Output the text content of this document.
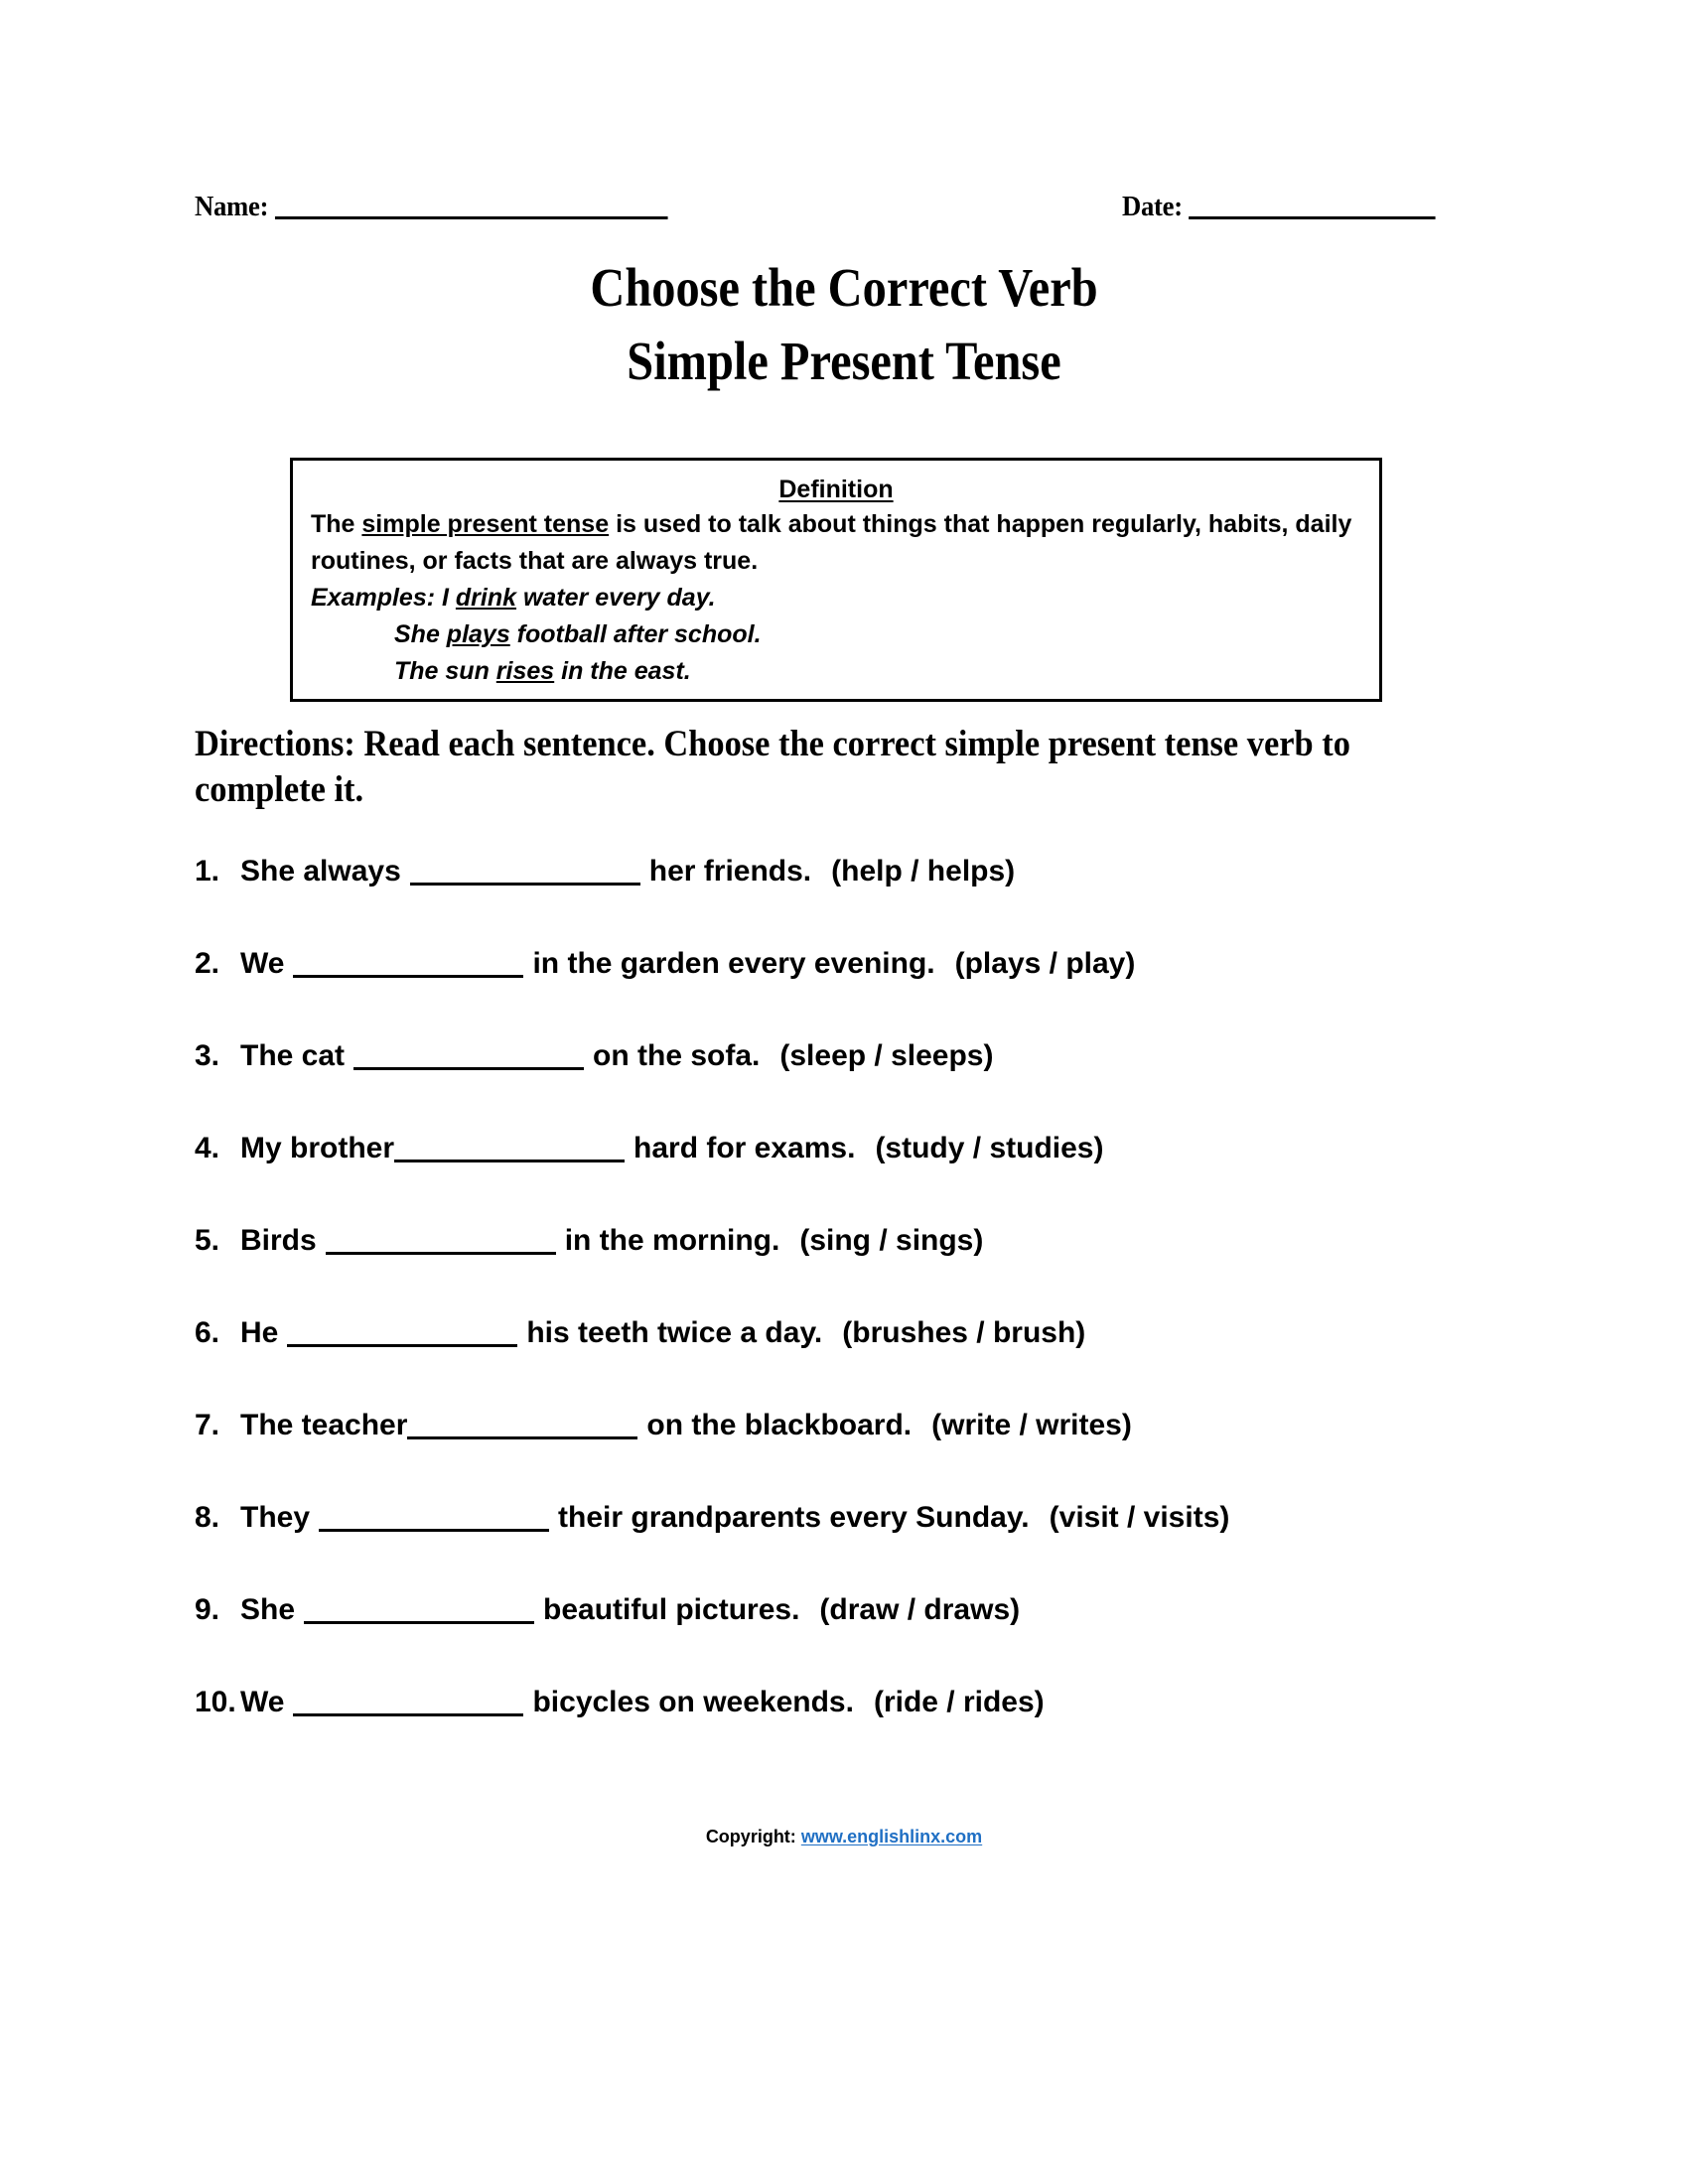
Name:	Date:
Choose the Correct Verb
Simple Present Tense
Definition
The simple present tense is used to talk about things that happen regularly, habits, daily routines, or facts that are always true.
Examples: I drink water every day.
She plays football after school.
The sun rises in the east.
Directions: Read each sentence. Choose the correct simple present tense verb to complete it.
1. She always	her friends. (help / helps)
2. We	in the garden every evening. (plays / play)
3. The cat	on the sofa. (sleep / sleeps)
4. My brother	hard for exams. (study / studies)
5. Birds	in the morning. (sing / sings)
6. He	his teeth twice a day. (brushes / brush)
7. The teacher	on the blackboard. (write / writes)
8. They	their grandparents every Sunday. (visit / visits)
9. She	beautiful pictures. (draw / draws)
10. We	bicycles on weekends. (ride / rides)
Copyright: www.englishlinx.com
